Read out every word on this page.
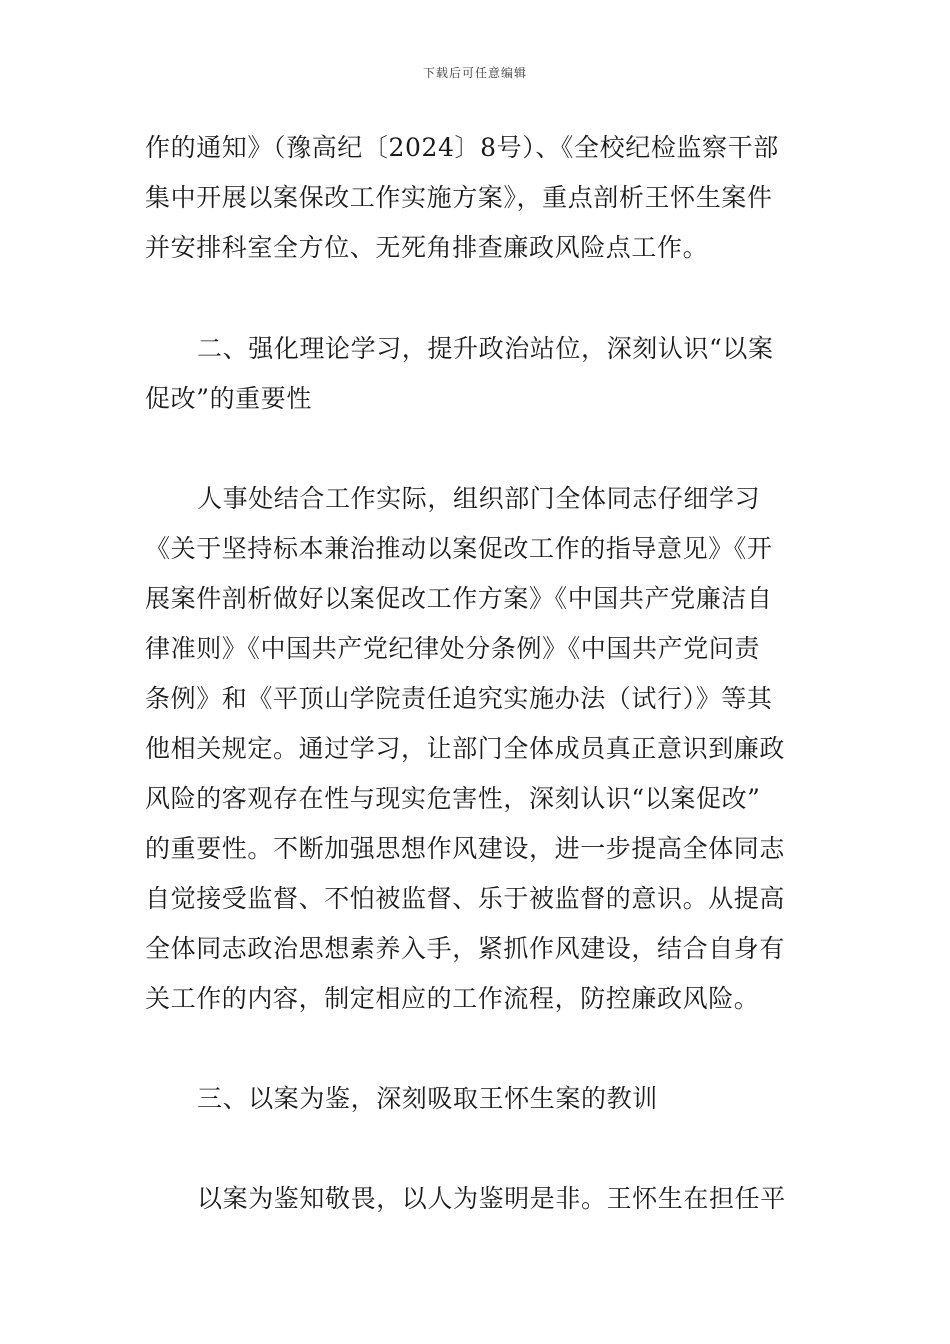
下载后可任意编辑
作的通知》（豫高纪〔2024〕8号）、《全校纪检监察干部
集中开展以案保改工作实施方案》，重点剖析王怀生案件
并安排科室全方位、无死角排查廉政风险点工作。
二、强化理论学习，提升政治站位，深刻认识“以案
促改”的重要性
人事处结合工作实际，组织部门全体同志仔细学习
《关于坚持标本兼治推动以案促改工作的指导意见》《开
展案件剖析做好以案促改工作方案》《中国共产党廉洁自
律准则》《中国共产党纪律处分条例》《中国共产党问责
条例》和《平顶山学院责任追究实施办法（试行）》等其
他相关规定。通过学习，让部门全体成员真正意识到廉政
风险的客观存在性与现实危害性，深刻认识“以案促改”
的重要性。不断加强思想作风建设，进一步提高全体同志
自觉接受监督、不怕被监督、乐于被监督的意识。从提高
全体同志政治思想素养入手，紧抓作风建设，结合自身有
关工作的内容，制定相应的工作流程，防控廉政风险。
三、以案为鉴，深刻吸取王怀生案的教训
以案为鉴知敬畏，以人为鉴明是非。王怀生在担任平
